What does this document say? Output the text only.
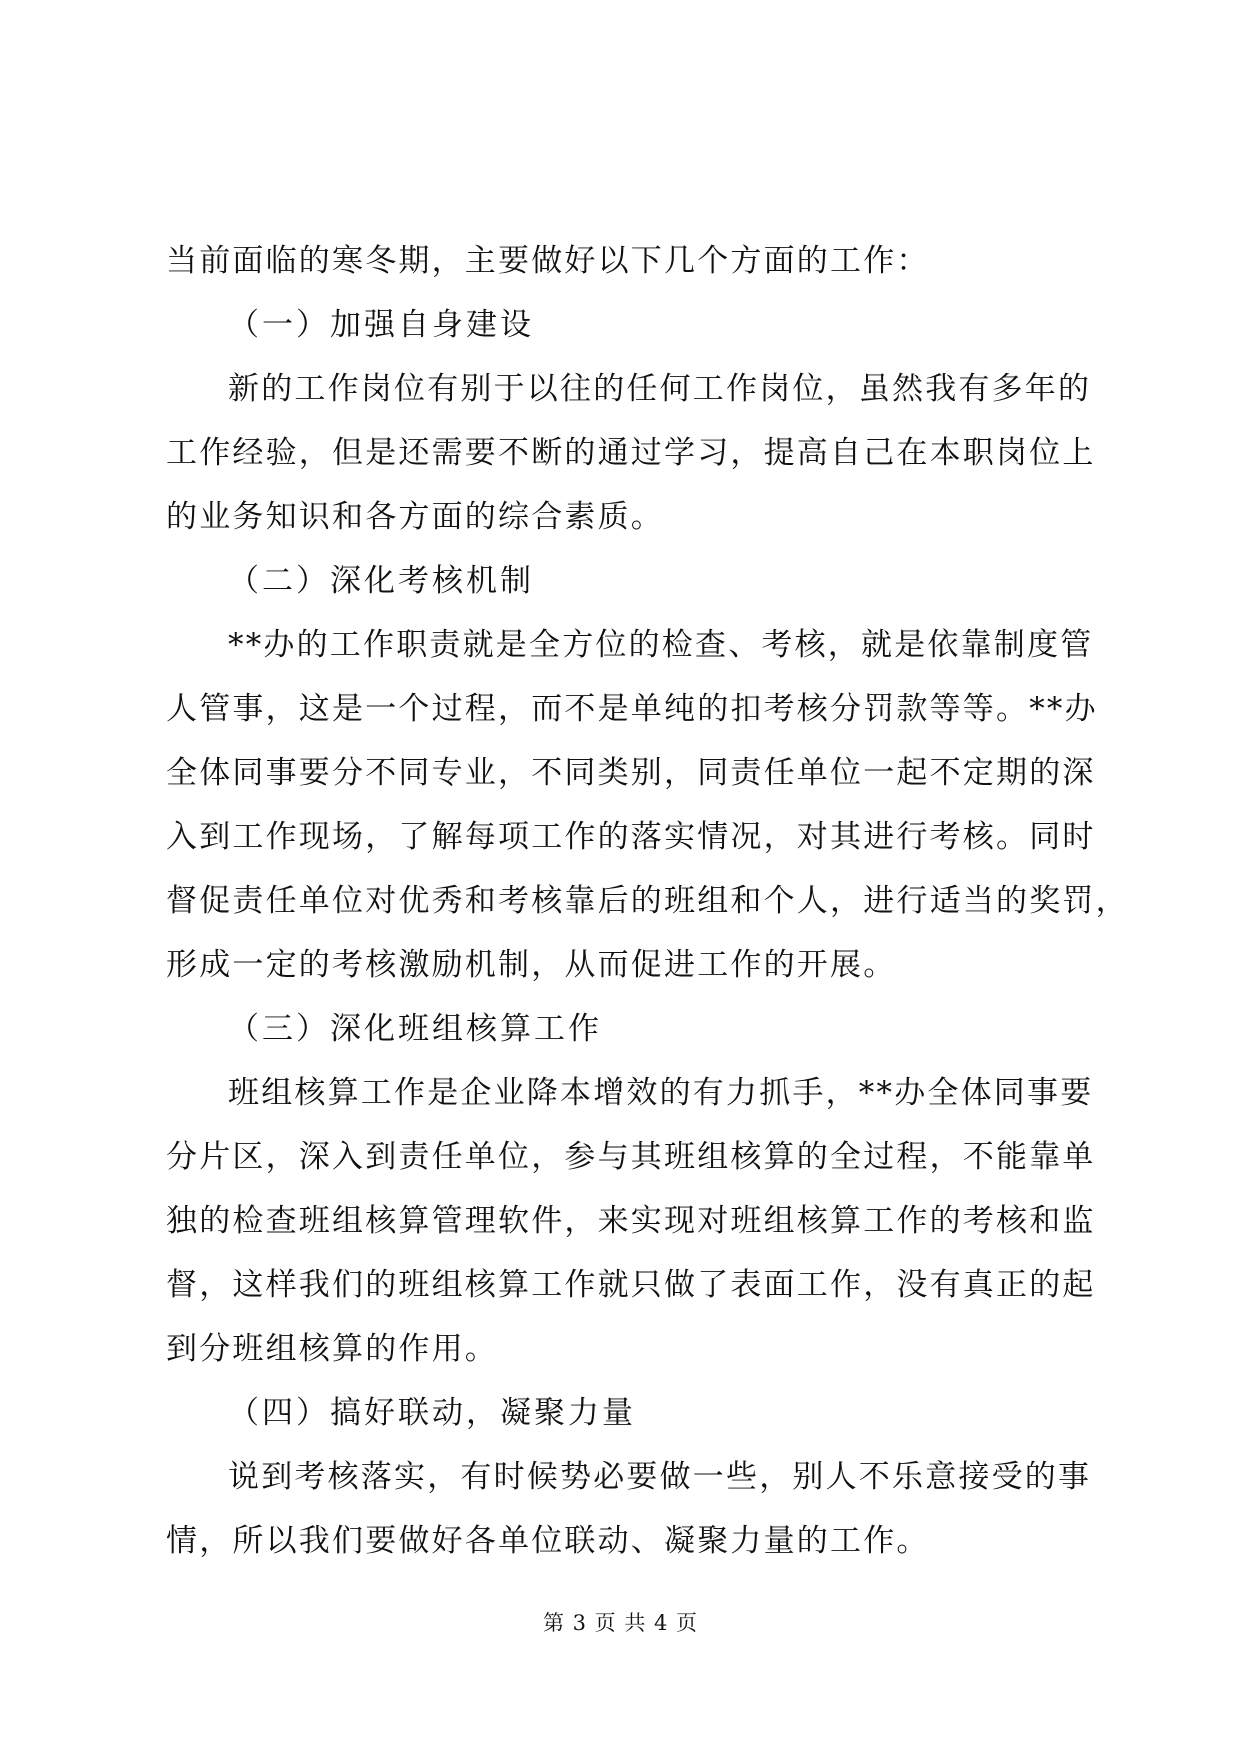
当前面临的寒冬期，主要做好以下几个方面的工作：
（一）加强自身建设
新的工作岗位有别于以往的任何工作岗位，虽然我有多年的
工作经验，但是还需要不断的通过学习，提高自己在本职岗位上
的业务知识和各方面的综合素质。
（二）深化考核机制
**办的工作职责就是全方位的检查、考核，就是依靠制度管
人管事，这是一个过程，而不是单纯的扣考核分罚款等等。**办
全体同事要分不同专业，不同类别，同责任单位一起不定期的深
入到工作现场，了解每项工作的落实情况，对其进行考核。同时
督促责任单位对优秀和考核靠后的班组和个人，进行适当的奖罚，
形成一定的考核激励机制，从而促进工作的开展。
（三）深化班组核算工作
班组核算工作是企业降本增效的有力抓手，**办全体同事要
分片区，深入到责任单位，参与其班组核算的全过程，不能靠单
独的检查班组核算管理软件，来实现对班组核算工作的考核和监
督，这样我们的班组核算工作就只做了表面工作，没有真正的起
到分班组核算的作用。
（四）搞好联动，凝聚力量
说到考核落实，有时候势必要做一些，别人不乐意接受的事
情，所以我们要做好各单位联动、凝聚力量的工作。
第 3 页 共 4 页
